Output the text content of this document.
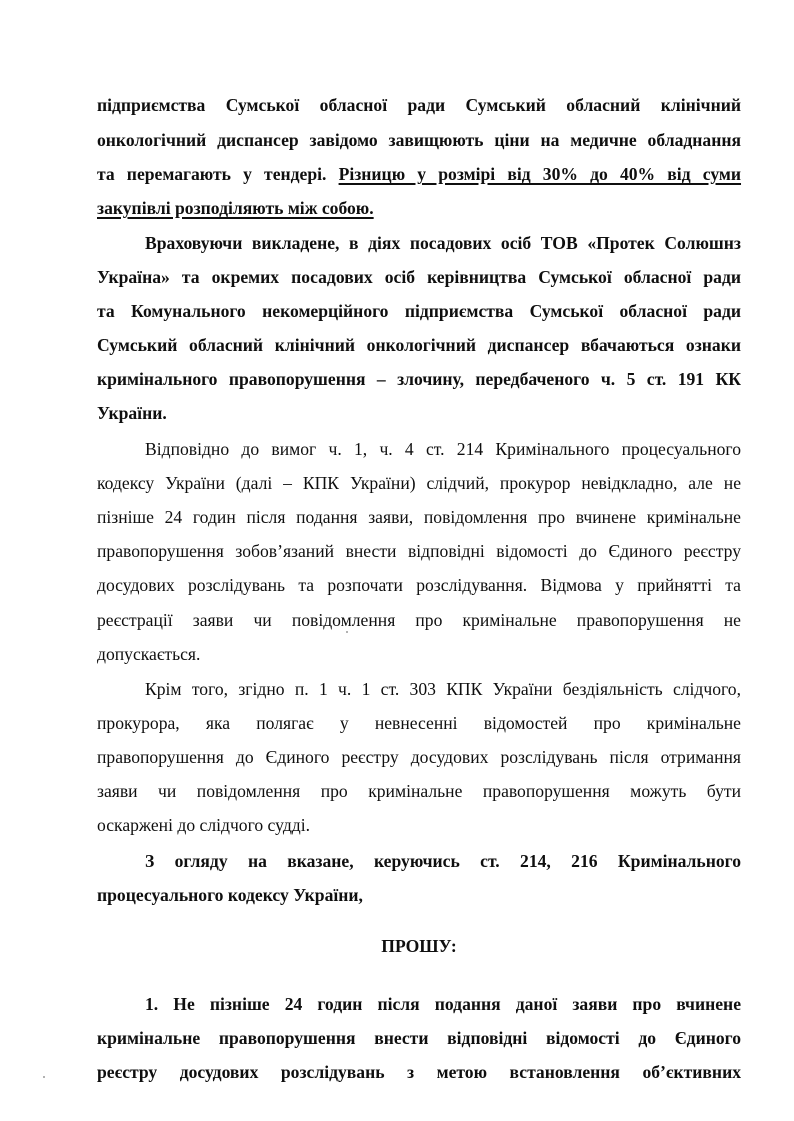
підприємства Сумської обласної ради Сумський обласний клінічний
онкологічний диспансер завідомо завищюють ціни на медичне обладнання
та перемагають у тендері. Різницю у розмірі від 30% до 40% від суми
закупівлі розподіляють між собою.
Враховуючи викладене, в діях посадових осіб ТОВ «Протек Солюшнз
Україна» та окремих посадових осіб керівництва Сумської обласної ради
та Комунального некомерційного підприємства Сумської обласної ради
Сумський обласний клінічний онкологічний диспансер вбачаються ознаки
кримінального правопорушення – злочину, передбаченого ч. 5 ст. 191 КК
України.
Відповідно до вимог ч. 1, ч. 4 ст. 214 Кримінального процесуального
кодексу України (далі – КПК України) слідчий, прокурор невідкладно, але не
пізніше 24 годин після подання заяви, повідомлення про вчинене кримінальне
правопорушення зобов’язаний внести відповідні відомості до Єдиного реєстру
досудових розслідувань та розпочати розслідування. Відмова у прийнятті та
реєстрації заяви чи повідомлення про кримінальне правопорушення не
допускається.
Крім того, згідно п. 1 ч. 1 ст. 303 КПК України бездіяльність слідчого,
прокурора, яка полягає у невнесенні відомостей про кримінальне
правопорушення до Єдиного реєстру досудових розслідувань після отримання
заяви чи повідомлення про кримінальне правопорушення можуть бути
оскаржені до слідчого судді.
З огляду на вказане, керуючись ст. 214, 216 Кримінального
процесуального кодексу України,
ПРОШУ:
1. Не пізніше 24 годин після подання даної заяви про вчинене
кримінальне правопорушення внести відповідні відомості до Єдиного
реєстру досудових розслідувань з метою встановлення об’єктивних
